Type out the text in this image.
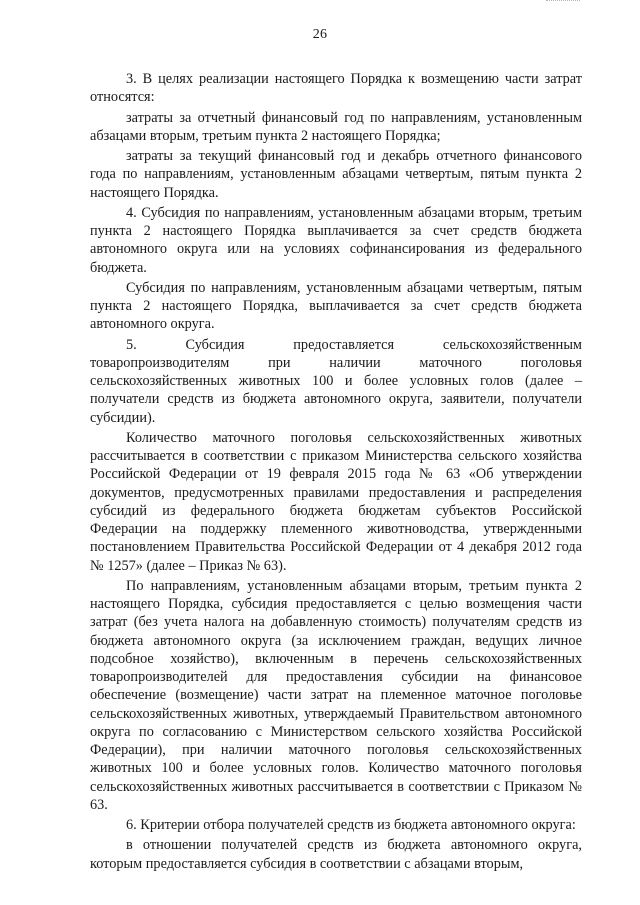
26

3. В целях реализации настоящего Порядка к возмещению части затрат относятся:

затраты за отчетный финансовый год по направлениям, установленным абзацами вторым, третьим пункта 2 настоящего Порядка;

затраты за текущий финансовый год и декабрь отчетного финансового года по направлениям, установленным абзацами четвертым, пятым пункта 2 настоящего Порядка.

4. Субсидия по направлениям, установленным абзацами вторым, третьим пункта 2 настоящего Порядка выплачивается за счет средств бюджета автономного округа или на условиях софинансирования из федерального бюджета.

Субсидия по направлениям, установленным абзацами четвертым, пятым пункта 2 настоящего Порядка, выплачивается за счет средств бюджета автономного округа.

5. Субсидия предоставляется сельскохозяйственным товаропроизводителям при наличии маточного поголовья сельскохозяйственных животных 100 и более условных голов (далее – получатели средств из бюджета автономного округа, заявители, получатели субсидии).

Количество маточного поголовья сельскохозяйственных животных рассчитывается в соответствии с приказом Министерства сельского хозяйства Российской Федерации от 19 февраля 2015 года № 63 «Об утверждении документов, предусмотренных правилами предоставления и распределения субсидий из федерального бюджета бюджетам субъектов Российской Федерации на поддержку племенного животноводства, утвержденными постановлением Правительства Российской Федерации от 4 декабря 2012 года № 1257» (далее – Приказ № 63).

По направлениям, установленным абзацами вторым, третьим пункта 2 настоящего Порядка, субсидия предоставляется с целью возмещения части затрат (без учета налога на добавленную стоимость) получателям средств из бюджета автономного округа (за исключением граждан, ведущих личное подсобное хозяйство), включенным в перечень сельскохозяйственных товаропроизводителей для предоставления субсидии на финансовое обеспечение (возмещение) части затрат на племенное маточное поголовье сельскохозяйственных животных, утверждаемый Правительством автономного округа по согласованию с Министерством сельского хозяйства Российской Федерации), при наличии маточного поголовья сельскохозяйственных животных 100 и более условных голов. Количество маточного поголовья сельскохозяйственных животных рассчитывается в соответствии с Приказом № 63.

6. Критерии отбора получателей средств из бюджета автономного округа:

в отношении получателей средств из бюджета автономного округа, которым предоставляется субсидия в соответствии с абзацами вторым,
